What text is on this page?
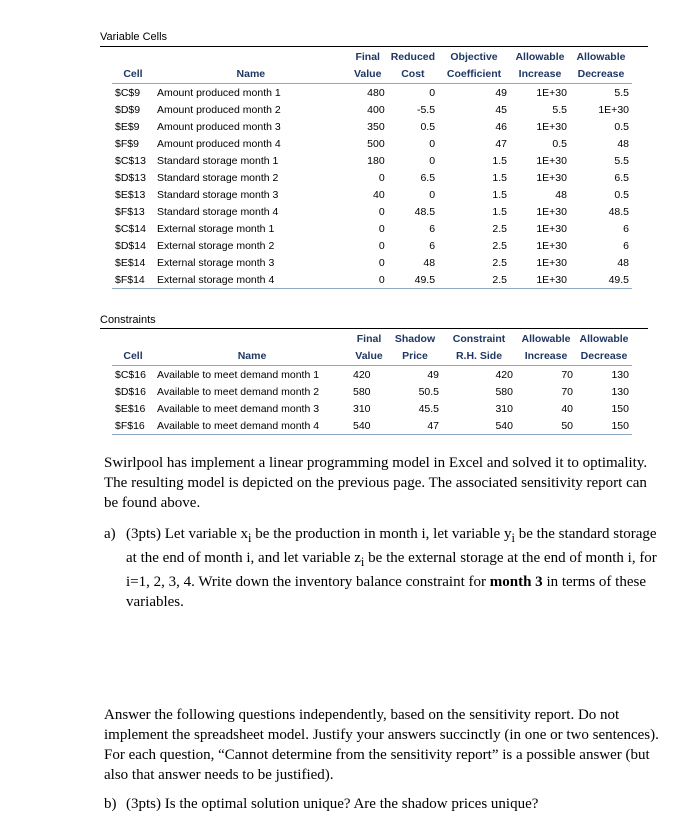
Variable Cells
		Final	Reduced	Objective	Allowable	Allowable
Cell	Name	Value	Cost	Coefficient	Increase	Decrease
$C$9	Amount produced month 1	480	0	49	1E+30	5.5
$D$9	Amount produced month 2	400	-5.5	45	5.5	1E+30
$E$9	Amount produced month 3	350	0.5	46	1E+30	0.5
$F$9	Amount produced month 4	500	0	47	0.5	48
$C$13	Standard storage month 1	180	0	1.5	1E+30	5.5
$D$13	Standard storage month 2	0	6.5	1.5	1E+30	6.5
$E$13	Standard storage month 3	40	0	1.5	48	0.5
$F$13	Standard storage month 4	0	48.5	1.5	1E+30	48.5
$C$14	External storage month 1	0	6	2.5	1E+30	6
$D$14	External storage month 2	0	6	2.5	1E+30	6
$E$14	External storage month 3	0	48	2.5	1E+30	48
$F$14	External storage month 4	0	49.5	2.5	1E+30	49.5
Constraints
		Final	Shadow	Constraint	Allowable	Allowable
Cell	Name	Value	Price	R.H. Side	Increase	Decrease
$C$16	Available to meet demand month 1	420	49	420	70	130
$D$16	Available to meet demand month 2	580	50.5	580	70	130
$E$16	Available to meet demand month 3	310	45.5	310	40	150
$F$16	Available to meet demand month 4	540	47	540	50	150
Swirlpool has implement a linear programming model in Excel and solved it to optimality. The resulting model is depicted on the previous page. The associated sensitivity report can be found above.
a) (3pts) Let variable $x_i$ be the production in month i, let variable $y_i$ be the standard storage at the end of month i, and let variable $z_i$ be the external storage at the end of month i, for i=1, 2, 3, 4. Write down the inventory balance constraint for month 3 in terms of these variables.
Answer the following questions independently, based on the sensitivity report. Do not implement the spreadsheet model. Justify your answers succinctly (in one or two sentences). For each question, “Cannot determine from the sensitivity report” is a possible answer (but also that answer needs to be justified).
b) (3pts) Is the optimal solution unique? Are the shadow prices unique?
